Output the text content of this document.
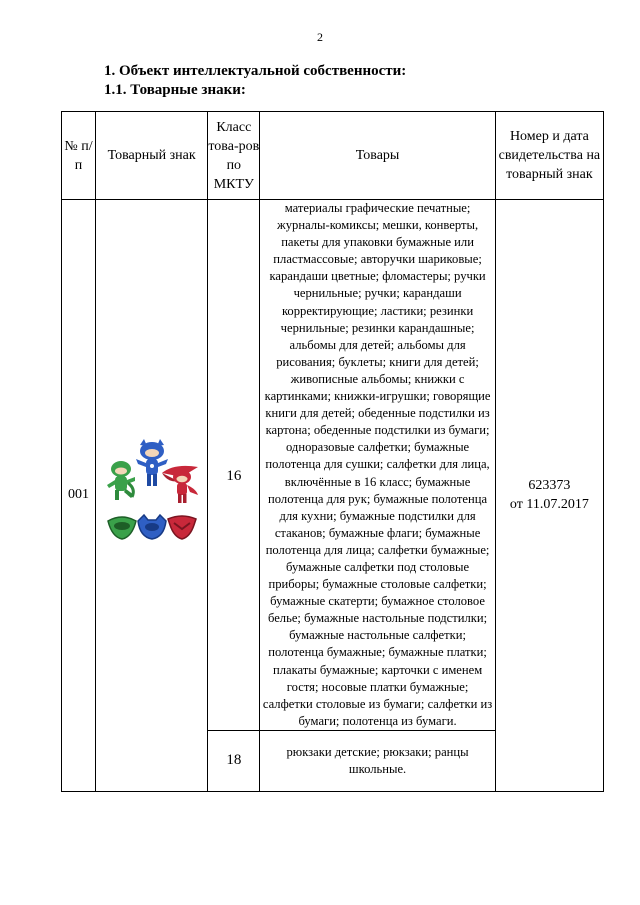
2
1. Объект интеллектуальной собственности:
1.1. Товарные знаки:
№ п/п	Товарный знак	Класс това-ров по МКТУ	Товары	Номер и дата свидетельства на товарный знак
001		16	материалы графические печатные; журналы-комиксы; мешки, конверты, пакеты для упаковки бумажные или пластмассовые; авторучки шариковые; карандаши цветные; фломастеры; ручки чернильные; ручки; карандаши корректирующие; ластики; резинки чернильные; резинки карандашные; альбомы для детей; альбомы для рисования; буклеты; книги для детей; живописные альбомы; книжки с картинками; книжки-игрушки; говорящие книги для детей; обеденные подстилки из картона; обеденные подстилки из бумаги; одноразовые салфетки; бумажные полотенца для сушки; салфетки для лица, включённые в 16 класс; бумажные полотенца для рук; бумажные полотенца для кухни; бумажные подстилки для стаканов; бумажные флаги; бумажные полотенца для лица; салфетки бумажные; бумажные салфетки под столовые приборы; бумажные столовые салфетки; бумажные скатерти; бумажное столовое белье; бумажные настольные подстилки; бумажные настольные салфетки; полотенца бумажные; бумажные платки; плакаты бумажные; карточки с именем гостя; носовые платки бумажные; салфетки столовые из бумаги; салфетки из бумаги; полотенца из бумаги.	623373
от 11.07.2017

		18	рюкзаки детские; рюкзаки; ранцы школьные.	
